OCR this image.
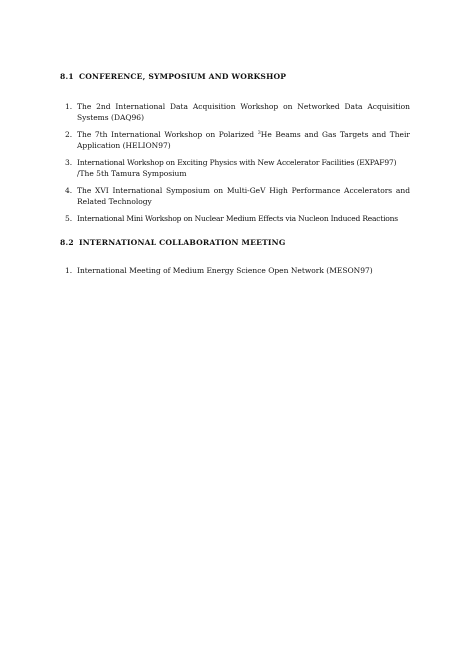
8.1 CONFERENCE, SYMPOSIUM AND WORKSHOP
1. The 2nd International Data Acquisition Workshop on Networked Data Acquisition
Systems (DAQ96)
2. The 7th International Workshop on Polarized $^3$He Beams and Gas Targets and Their
Application (HELION97)
3. International Workshop on Exciting Physics with New Accelerator Facilities (EXPAF97)
/The 5th Tamura Symposium
4. The XVI International Symposium on Multi-GeV High Performance Accelerators and
Related Technology
5. International Mini Workshop on Nuclear Medium Effects via Nucleon Induced Reactions
8.2 INTERNATIONAL COLLABORATION MEETING
1. International Meeting of Medium Energy Science Open Network (MESON97)
